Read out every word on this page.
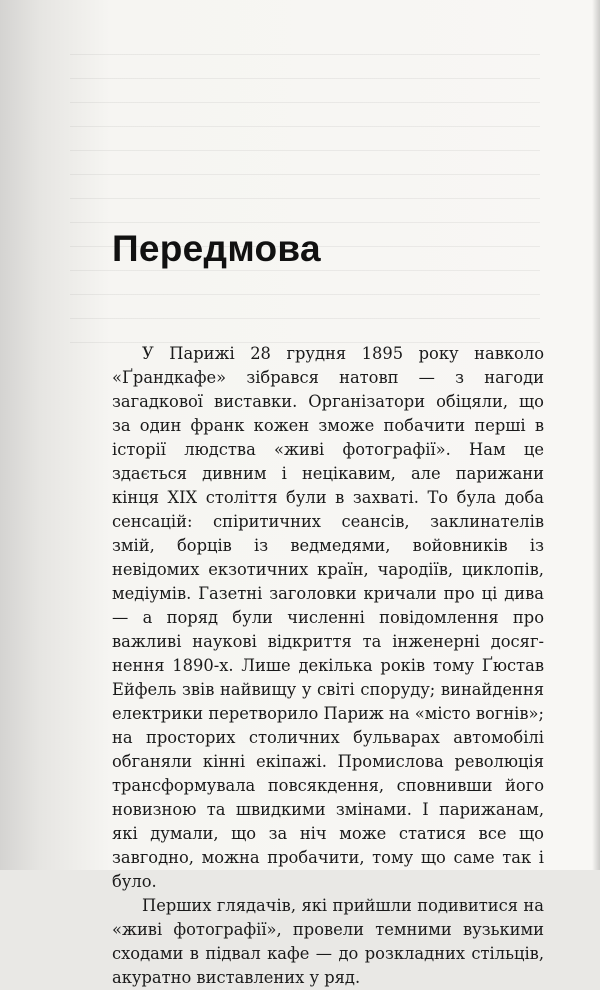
Передмова

У Парижі 28 грудня 1895 року навколо «Ґрандкафе» зібрався натовп — з нагоди загадкової виставки. Організатори обіцяли, що за один франк кожен зможе побачити перші в історії людства «живі фотографії». Нам це здається дивним і нецікавим, але парижани кінця XIX століття були в захваті. То була доба сенсацій: спіритичних сеансів, заклинателів змій, борців із ведмедями, войовників із невідомих екзотичних країн, чародіїв, циклопів, медіумів. Газетні заголовки кричали про ці дива — а поряд були численні повідомлення про важливі наукові відкриття та інженерні досягнення 1890-х. Лише декілька років тому Ґюстав Ейфель звів найвищу у світі споруду; винайдення електрики перетворило Париж на «місто вогнів»; на просторих столичних бульварах автомобілі обганяли кінні екіпажі. Промислова революція трансформувала повсякдення, сповнивши його новизною та швидкими змінами. І парижанам, які думали, що за ніч може статися все що завгодно, можна пробачити, тому що саме так і було.

Перших глядачів, які прийшли подивитися на «живі фотографії», провели темними вузькими сходами в підвал кафе — до розкладних стільців, акуратно виставлених у ряд.
